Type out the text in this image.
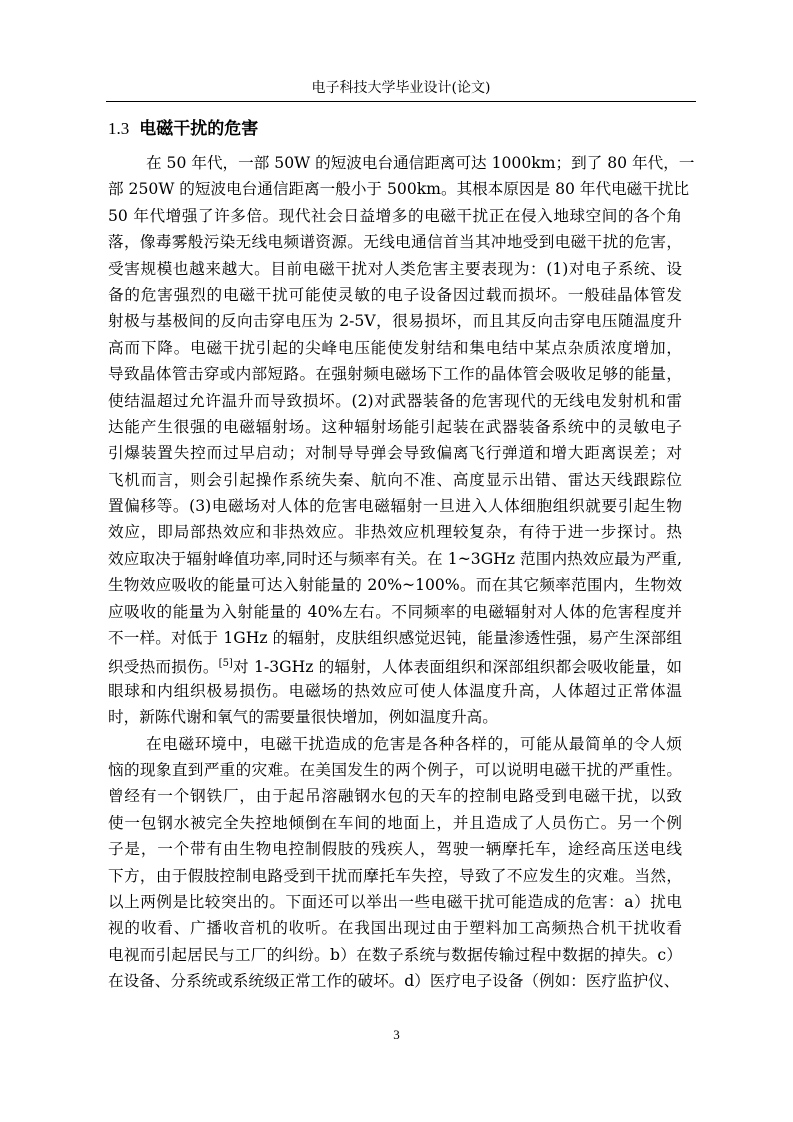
电子科技大学毕业设计(论文)
1.3 电磁干扰的危害
在 50 年代，一部 50W 的短波电台通信距离可达 1000km；到了 80 年代，一
部 250W 的短波电台通信距离一般小于 500km。其根本原因是 80 年代电磁干扰比
50 年代增强了许多倍。现代社会日益增多的电磁干扰正在侵入地球空间的各个角
落，像毒雾般污染无线电频谱资源。无线电通信首当其冲地受到电磁干扰的危害，
受害规模也越来越大。目前电磁干扰对人类危害主要表现为：(1)对电子系统、设
备的危害强烈的电磁干扰可能使灵敏的电子设备因过载而损坏。一般硅晶体管发
射极与基极间的反向击穿电压为 2-5V，很易损坏，而且其反向击穿电压随温度升
高而下降。电磁干扰引起的尖峰电压能使发射结和集电结中某点杂质浓度增加，
导致晶体管击穿或内部短路。在强射频电磁场下工作的晶体管会吸收足够的能量，
使结温超过允许温升而导致损坏。(2)对武器装备的危害现代的无线电发射机和雷
达能产生很强的电磁辐射场。这种辐射场能引起装在武器装备系统中的灵敏电子
引爆装置失控而过早启动；对制导导弹会导致偏离飞行弹道和增大距离误差；对
飞机而言，则会引起操作系统失秦、航向不准、高度显示出错、雷达天线跟踪位
置偏移等。(3)电磁场对人体的危害电磁辐射一旦进入人体细胞组织就要引起生物
效应，即局部热效应和非热效应。非热效应机理较复杂，有待于进一步探讨。热
效应取决于辐射峰值功率,同时还与频率有关。在 1~3GHz 范围内热效应最为严重,
生物效应吸收的能量可达入射能量的 20%~100%。而在其它频率范围内，生物效
应吸收的能量为入射能量的 40%左右。不同频率的电磁辐射对人体的危害程度并
不一样。对低于 1GHz 的辐射，皮肤组织感觉迟钝，能量渗透性强，易产生深部组
织受热而损伤。[5]对 1-3GHz 的辐射，人体表面组织和深部组织都会吸收能量，如
眼球和内组织极易损伤。电磁场的热效应可使人体温度升高，人体超过正常体温
时，新陈代谢和氧气的需要量很快增加，例如温度升高。
在电磁环境中，电磁干扰造成的危害是各种各样的，可能从最简单的令人烦
恼的现象直到严重的灾难。在美国发生的两个例子，可以说明电磁干扰的严重性。
曾经有一个钢铁厂，由于起吊溶融钢水包的天车的控制电路受到电磁干扰，以致
使一包钢水被完全失控地倾倒在车间的地面上，并且造成了人员伤亡。另一个例
子是，一个带有由生物电控制假肢的残疾人，驾驶一辆摩托车，途经高压送电线
下方，由于假肢控制电路受到干扰而摩托车失控，导致了不应发生的灾难。当然，
以上两例是比较突出的。下面还可以举出一些电磁干扰可能造成的危害：a）扰电
视的收看、广播收音机的收听。在我国出现过由于塑料加工高频热合机干扰收看
电视而引起居民与工厂的纠纷。b）在数子系统与数据传输过程中数据的掉失。c）
在设备、分系统或系统级正常工作的破坏。d）医疗电子设备（例如：医疗监护仪、
3
